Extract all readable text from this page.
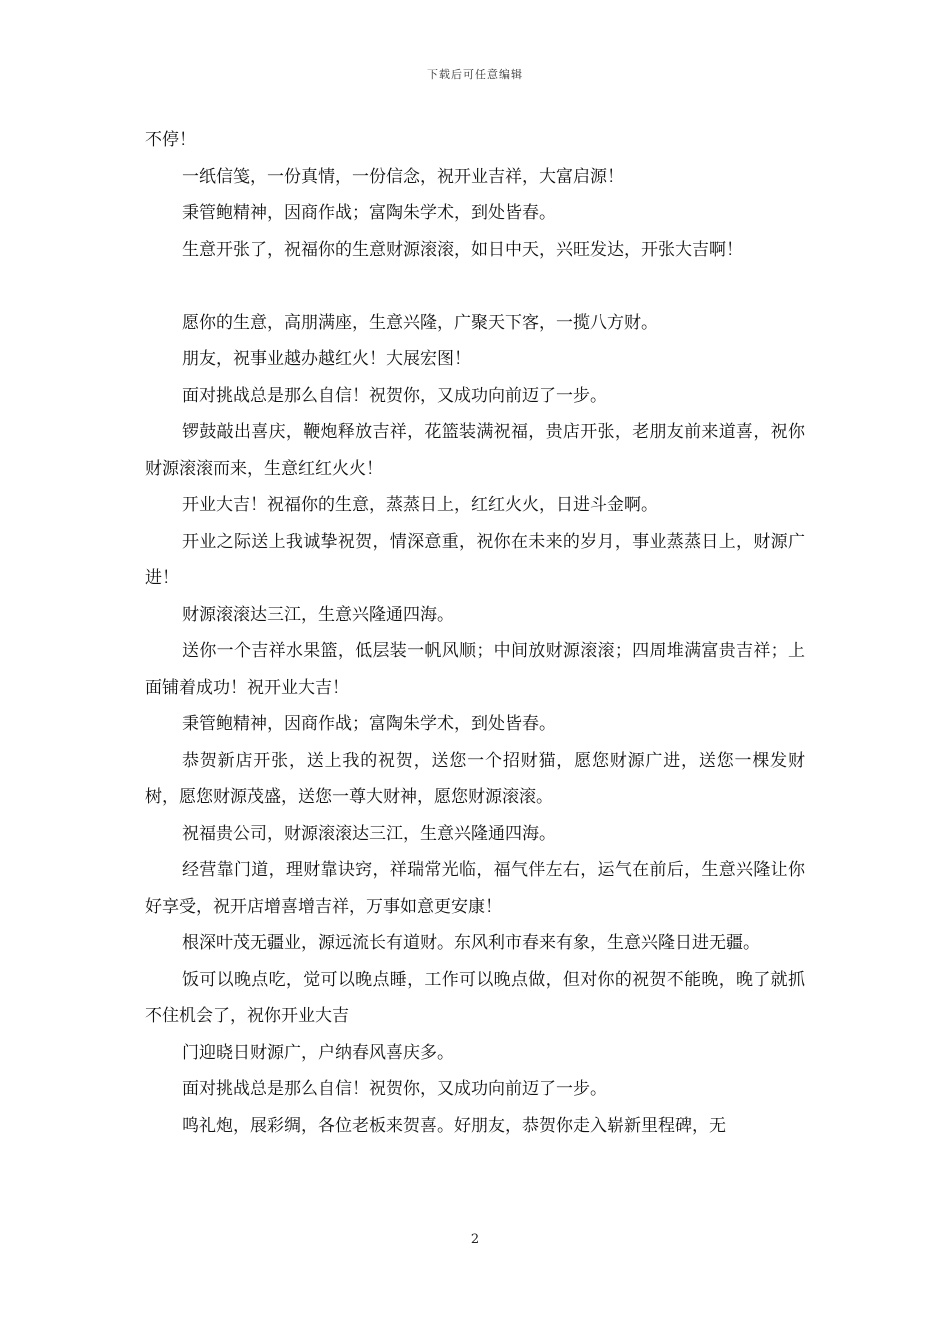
下载后可任意编辑

不停！

一纸信笺，一份真情，一份信念，祝开业吉祥，大富启源！

秉管鲍精神，因商作战；富陶朱学术，到处皆春。

生意开张了，祝福你的生意财源滚滚，如日中天，兴旺发达，开张大吉啊！

愿你的生意，高朋满座，生意兴隆，广聚天下客，一揽八方财。

朋友，祝事业越办越红火！大展宏图！

面对挑战总是那么自信！祝贺你，又成功向前迈了一步。

锣鼓敲出喜庆，鞭炮释放吉祥，花篮装满祝福，贵店开张，老朋友前来道喜，祝你财源滚滚而来，生意红红火火！

开业大吉！祝福你的生意，蒸蒸日上，红红火火，日进斗金啊。

开业之际送上我诚挚祝贺，情深意重，祝你在未来的岁月，事业蒸蒸日上，财源广进！

财源滚滚达三江，生意兴隆通四海。

送你一个吉祥水果篮，低层装一帆风顺；中间放财源滚滚；四周堆满富贵吉祥；上面铺着成功！祝开业大吉！

秉管鲍精神，因商作战；富陶朱学术，到处皆春。

恭贺新店开张，送上我的祝贺，送您一个招财猫，愿您财源广进，送您一棵发财树，愿您财源茂盛，送您一尊大财神，愿您财源滚滚。

祝福贵公司，财源滚滚达三江，生意兴隆通四海。

经营靠门道，理财靠诀窍，祥瑞常光临，福气伴左右，运气在前后，生意兴隆让你好享受，祝开店增喜增吉祥，万事如意更安康！

根深叶茂无疆业，源远流长有道财。东风利市春来有象，生意兴隆日进无疆。

饭可以晚点吃，觉可以晚点睡，工作可以晚点做，但对你的祝贺不能晚，晚了就抓不住机会了，祝你开业大吉

门迎晓日财源广，户纳春风喜庆多。

面对挑战总是那么自信！祝贺你，又成功向前迈了一步。

鸣礼炮，展彩绸，各位老板来贺喜。好朋友，恭贺你走入崭新里程碑，无

2
